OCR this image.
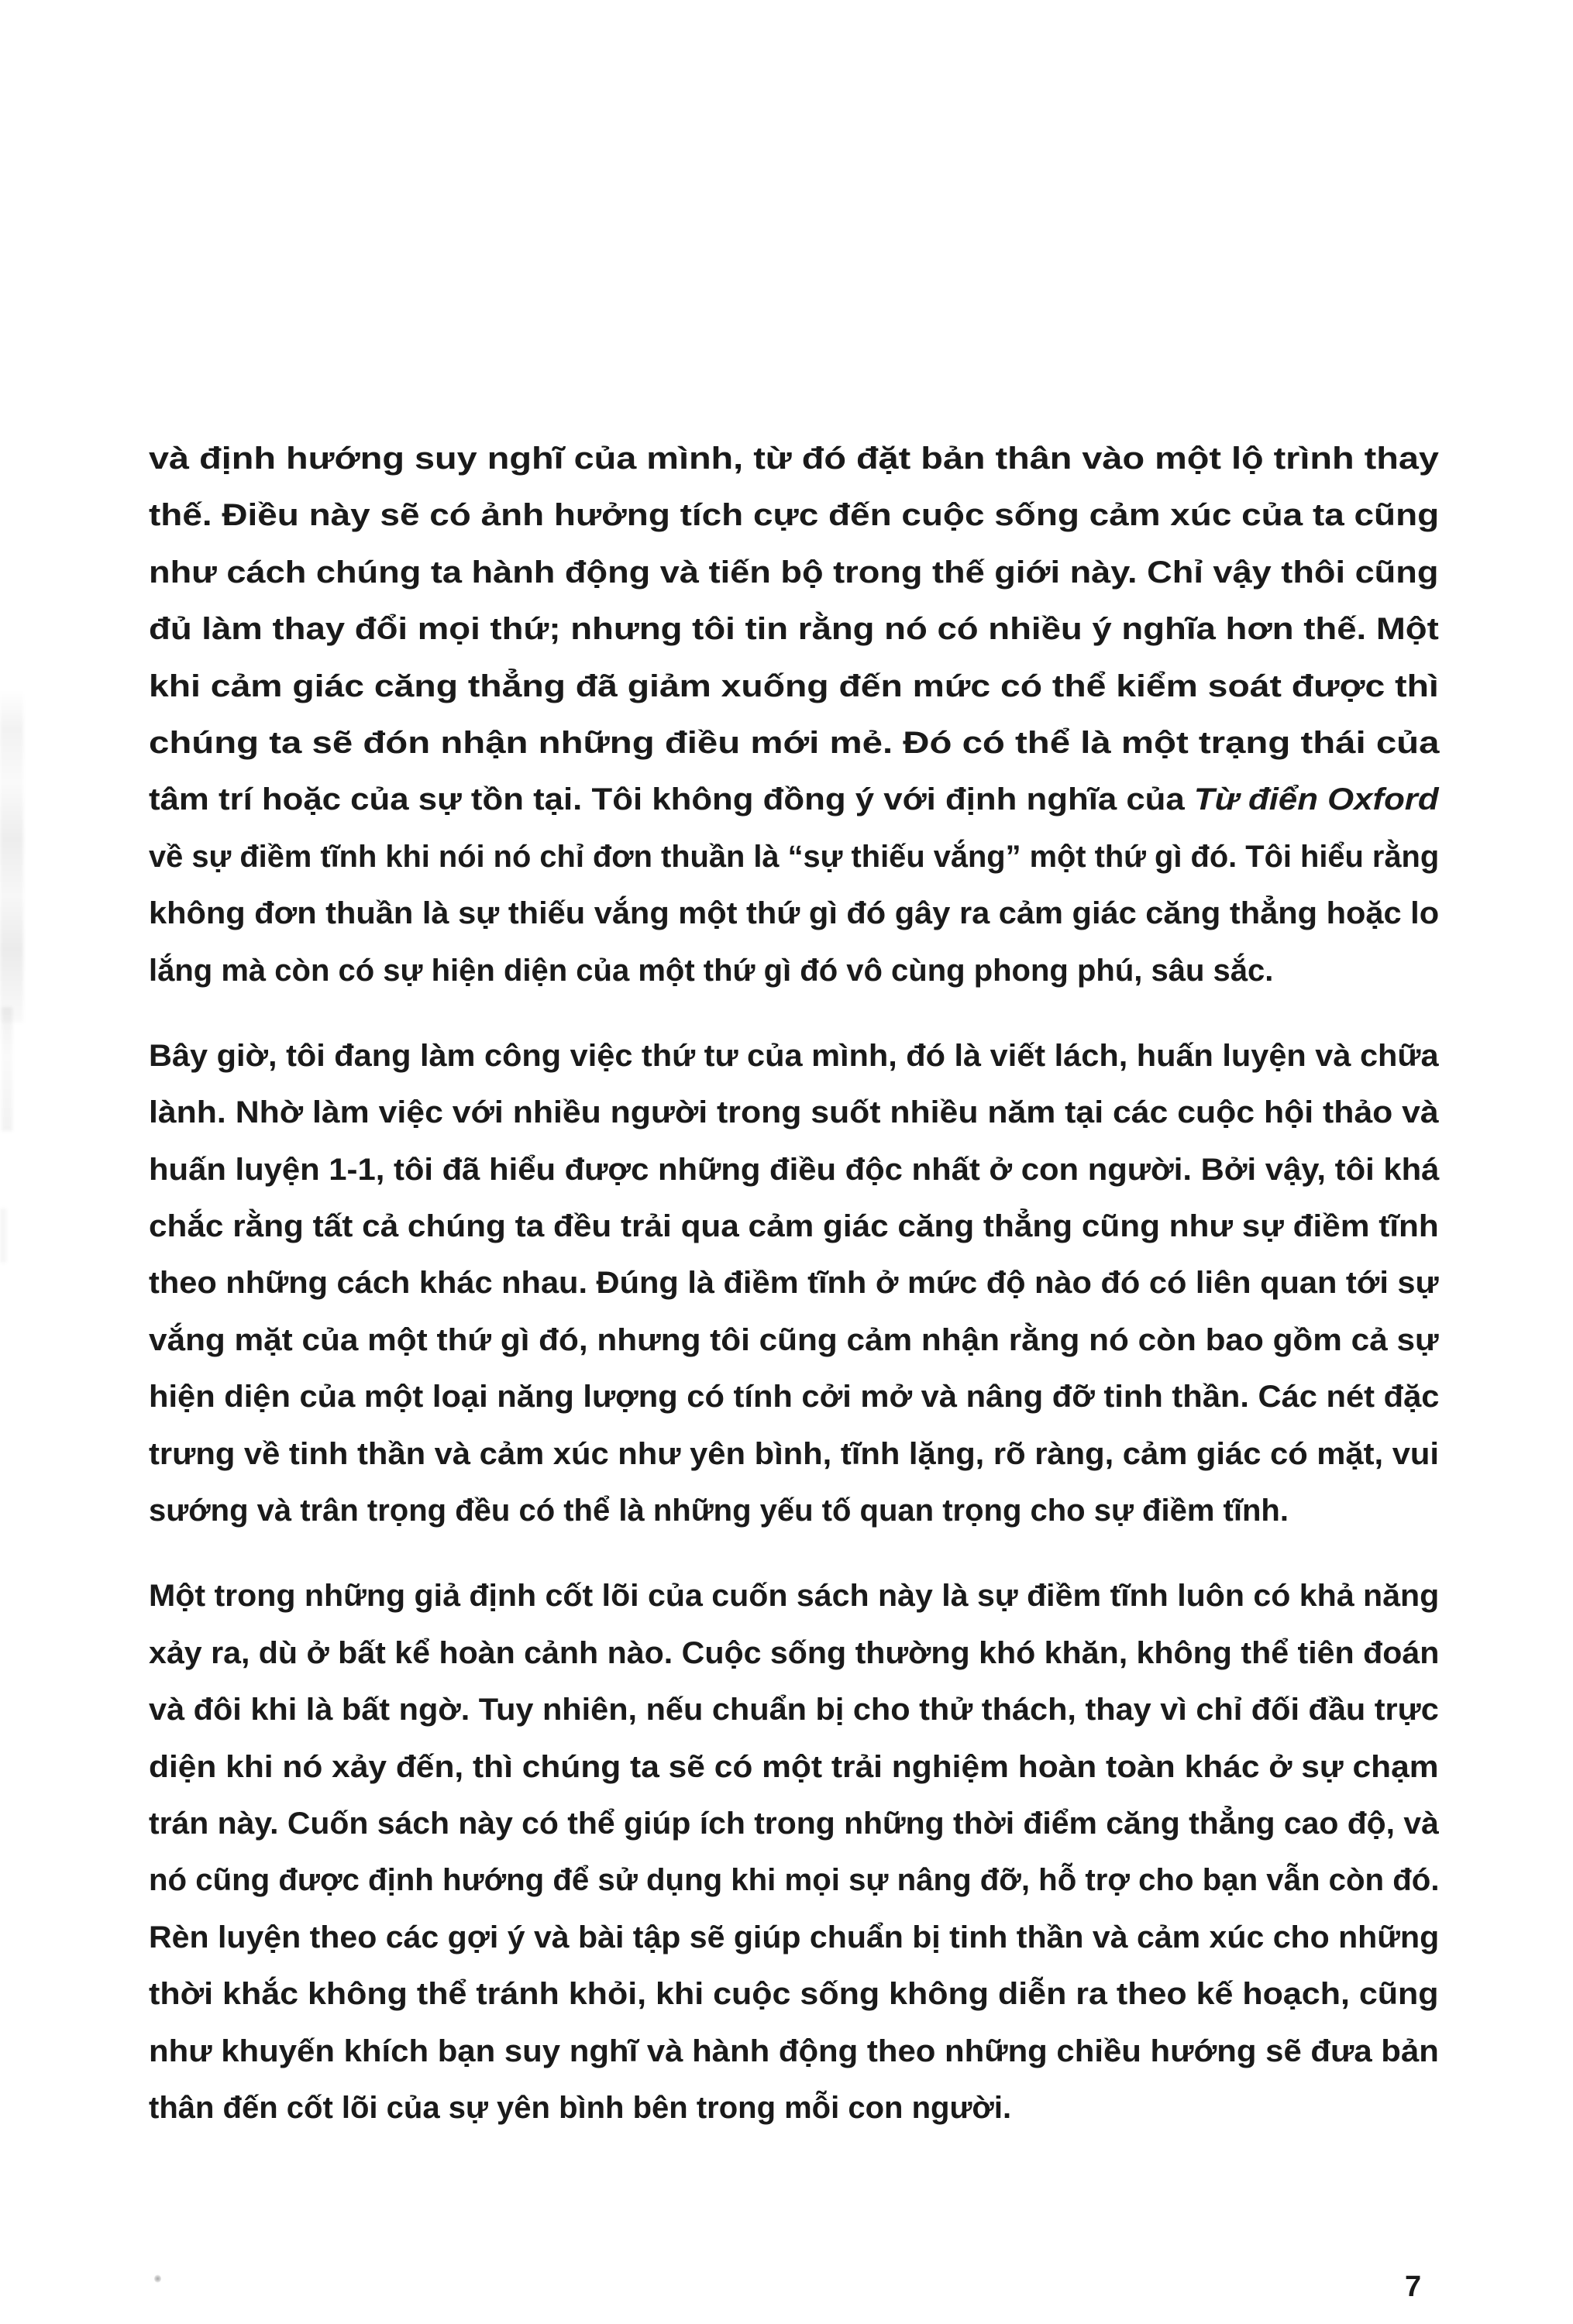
và định hướng suy nghĩ của mình, từ đó đặt bản thân vào một lộ trình thay
thế. Điều này sẽ có ảnh hưởng tích cực đến cuộc sống cảm xúc của ta cũng
như cách chúng ta hành động và tiến bộ trong thế giới này. Chỉ vậy thôi cũng
đủ làm thay đổi mọi thứ; nhưng tôi tin rằng nó có nhiều ý nghĩa hơn thế. Một
khi cảm giác căng thẳng đã giảm xuống đến mức có thể kiểm soát được thì
chúng ta sẽ đón nhận những điều mới mẻ. Đó có thể là một trạng thái của
tâm trí hoặc của sự tồn tại. Tôi không đồng ý với định nghĩa của Từ điển Oxford
về sự điềm tĩnh khi nói nó chỉ đơn thuần là “sự thiếu vắng” một thứ gì đó. Tôi hiểu rằng
không đơn thuần là sự thiếu vắng một thứ gì đó gây ra cảm giác căng thẳng hoặc lo
lắng mà còn có sự hiện diện của một thứ gì đó vô cùng phong phú, sâu sắc.
Bây giờ, tôi đang làm công việc thứ tư của mình, đó là viết lách, huấn luyện và chữa
lành. Nhờ làm việc với nhiều người trong suốt nhiều năm tại các cuộc hội thảo và
huấn luyện 1-1, tôi đã hiểu được những điều độc nhất ở con người. Bởi vậy, tôi khá
chắc rằng tất cả chúng ta đều trải qua cảm giác căng thẳng cũng như sự điềm tĩnh
theo những cách khác nhau. Đúng là điềm tĩnh ở mức độ nào đó có liên quan tới sự
vắng mặt của một thứ gì đó, nhưng tôi cũng cảm nhận rằng nó còn bao gồm cả sự
hiện diện của một loại năng lượng có tính cởi mở và nâng đỡ tinh thần. Các nét đặc
trưng về tinh thần và cảm xúc như yên bình, tĩnh lặng, rõ ràng, cảm giác có mặt, vui
sướng và trân trọng đều có thể là những yếu tố quan trọng cho sự điềm tĩnh.
Một trong những giả định cốt lõi của cuốn sách này là sự điềm tĩnh luôn có khả năng
xảy ra, dù ở bất kể hoàn cảnh nào. Cuộc sống thường khó khăn, không thể tiên đoán
và đôi khi là bất ngờ. Tuy nhiên, nếu chuẩn bị cho thử thách, thay vì chỉ đối đầu trực
diện khi nó xảy đến, thì chúng ta sẽ có một trải nghiệm hoàn toàn khác ở sự chạm
trán này. Cuốn sách này có thể giúp ích trong những thời điểm căng thẳng cao độ, và
nó cũng được định hướng để sử dụng khi mọi sự nâng đỡ, hỗ trợ cho bạn vẫn còn đó.
Rèn luyện theo các gợi ý và bài tập sẽ giúp chuẩn bị tinh thần và cảm xúc cho những
thời khắc không thể tránh khỏi, khi cuộc sống không diễn ra theo kế hoạch, cũng
như khuyến khích bạn suy nghĩ và hành động theo những chiều hướng sẽ đưa bản
thân đến cốt lõi của sự yên bình bên trong mỗi con người.
7
